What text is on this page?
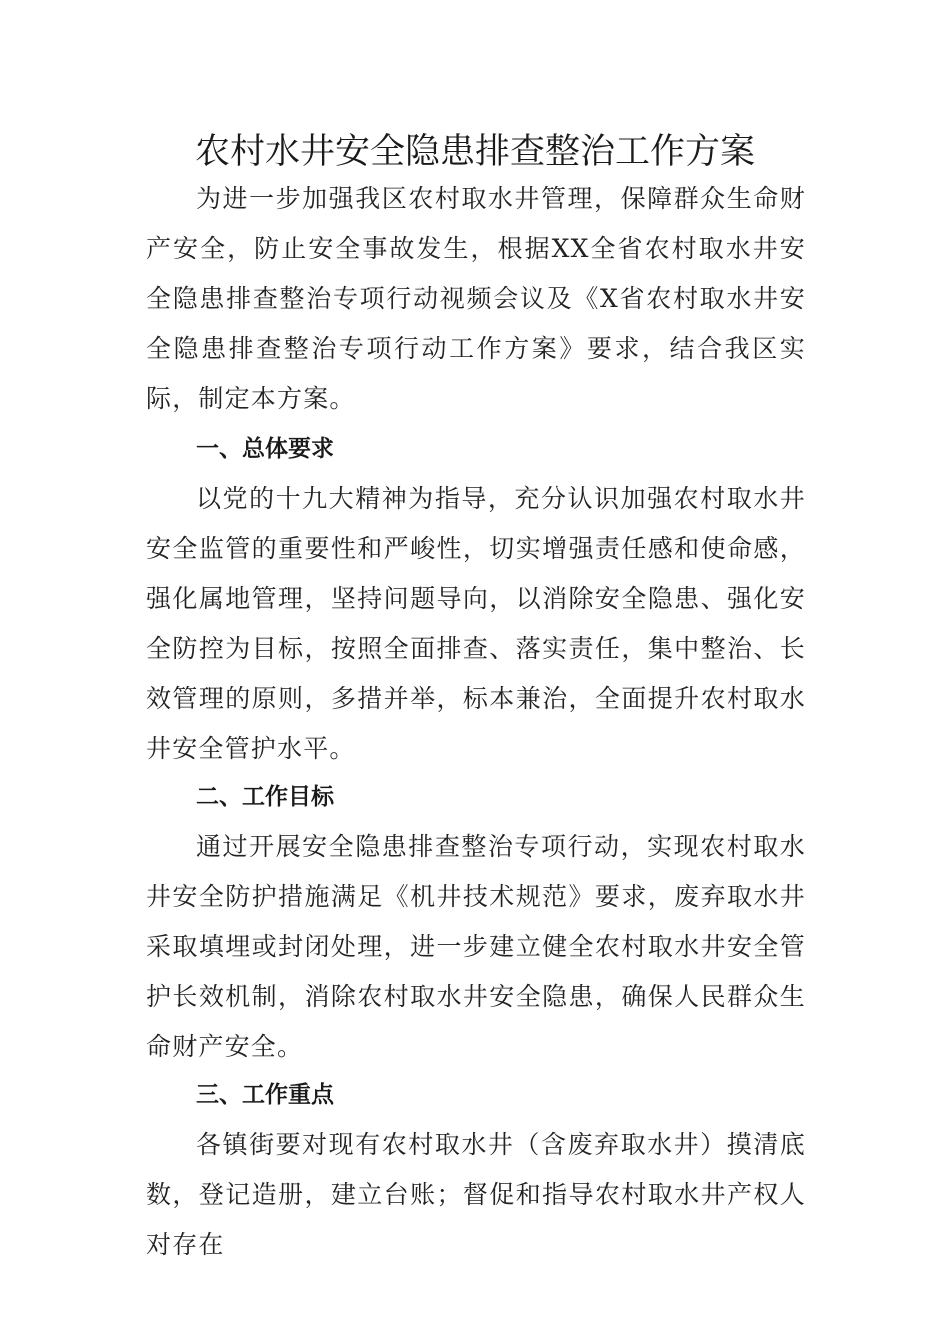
农村水井安全隐患排查整治工作方案

为进一步加强我区农村取水井管理，保障群众生命财产安全，防止安全事故发生，根据XX全省农村取水井安全隐患排查整治专项行动视频会议及《X省农村取水井安全隐患排查整治专项行动工作方案》要求，结合我区实际，制定本方案。

一、总体要求

以党的十九大精神为指导，充分认识加强农村取水井安全监管的重要性和严峻性，切实增强责任感和使命感，强化属地管理，坚持问题导向，以消除安全隐患、强化安全防控为目标，按照全面排查、落实责任，集中整治、长效管理的原则，多措并举，标本兼治，全面提升农村取水井安全管护水平。

二、工作目标

通过开展安全隐患排查整治专项行动，实现农村取水井安全防护措施满足《机井技术规范》要求，废弃取水井采取填埋或封闭处理，进一步建立健全农村取水井安全管护长效机制，消除农村取水井安全隐患，确保人民群众生命财产安全。

三、工作重点

各镇街要对现有农村取水井（含废弃取水井）摸清底数，登记造册，建立台账；督促和指导农村取水井产权人对存在
